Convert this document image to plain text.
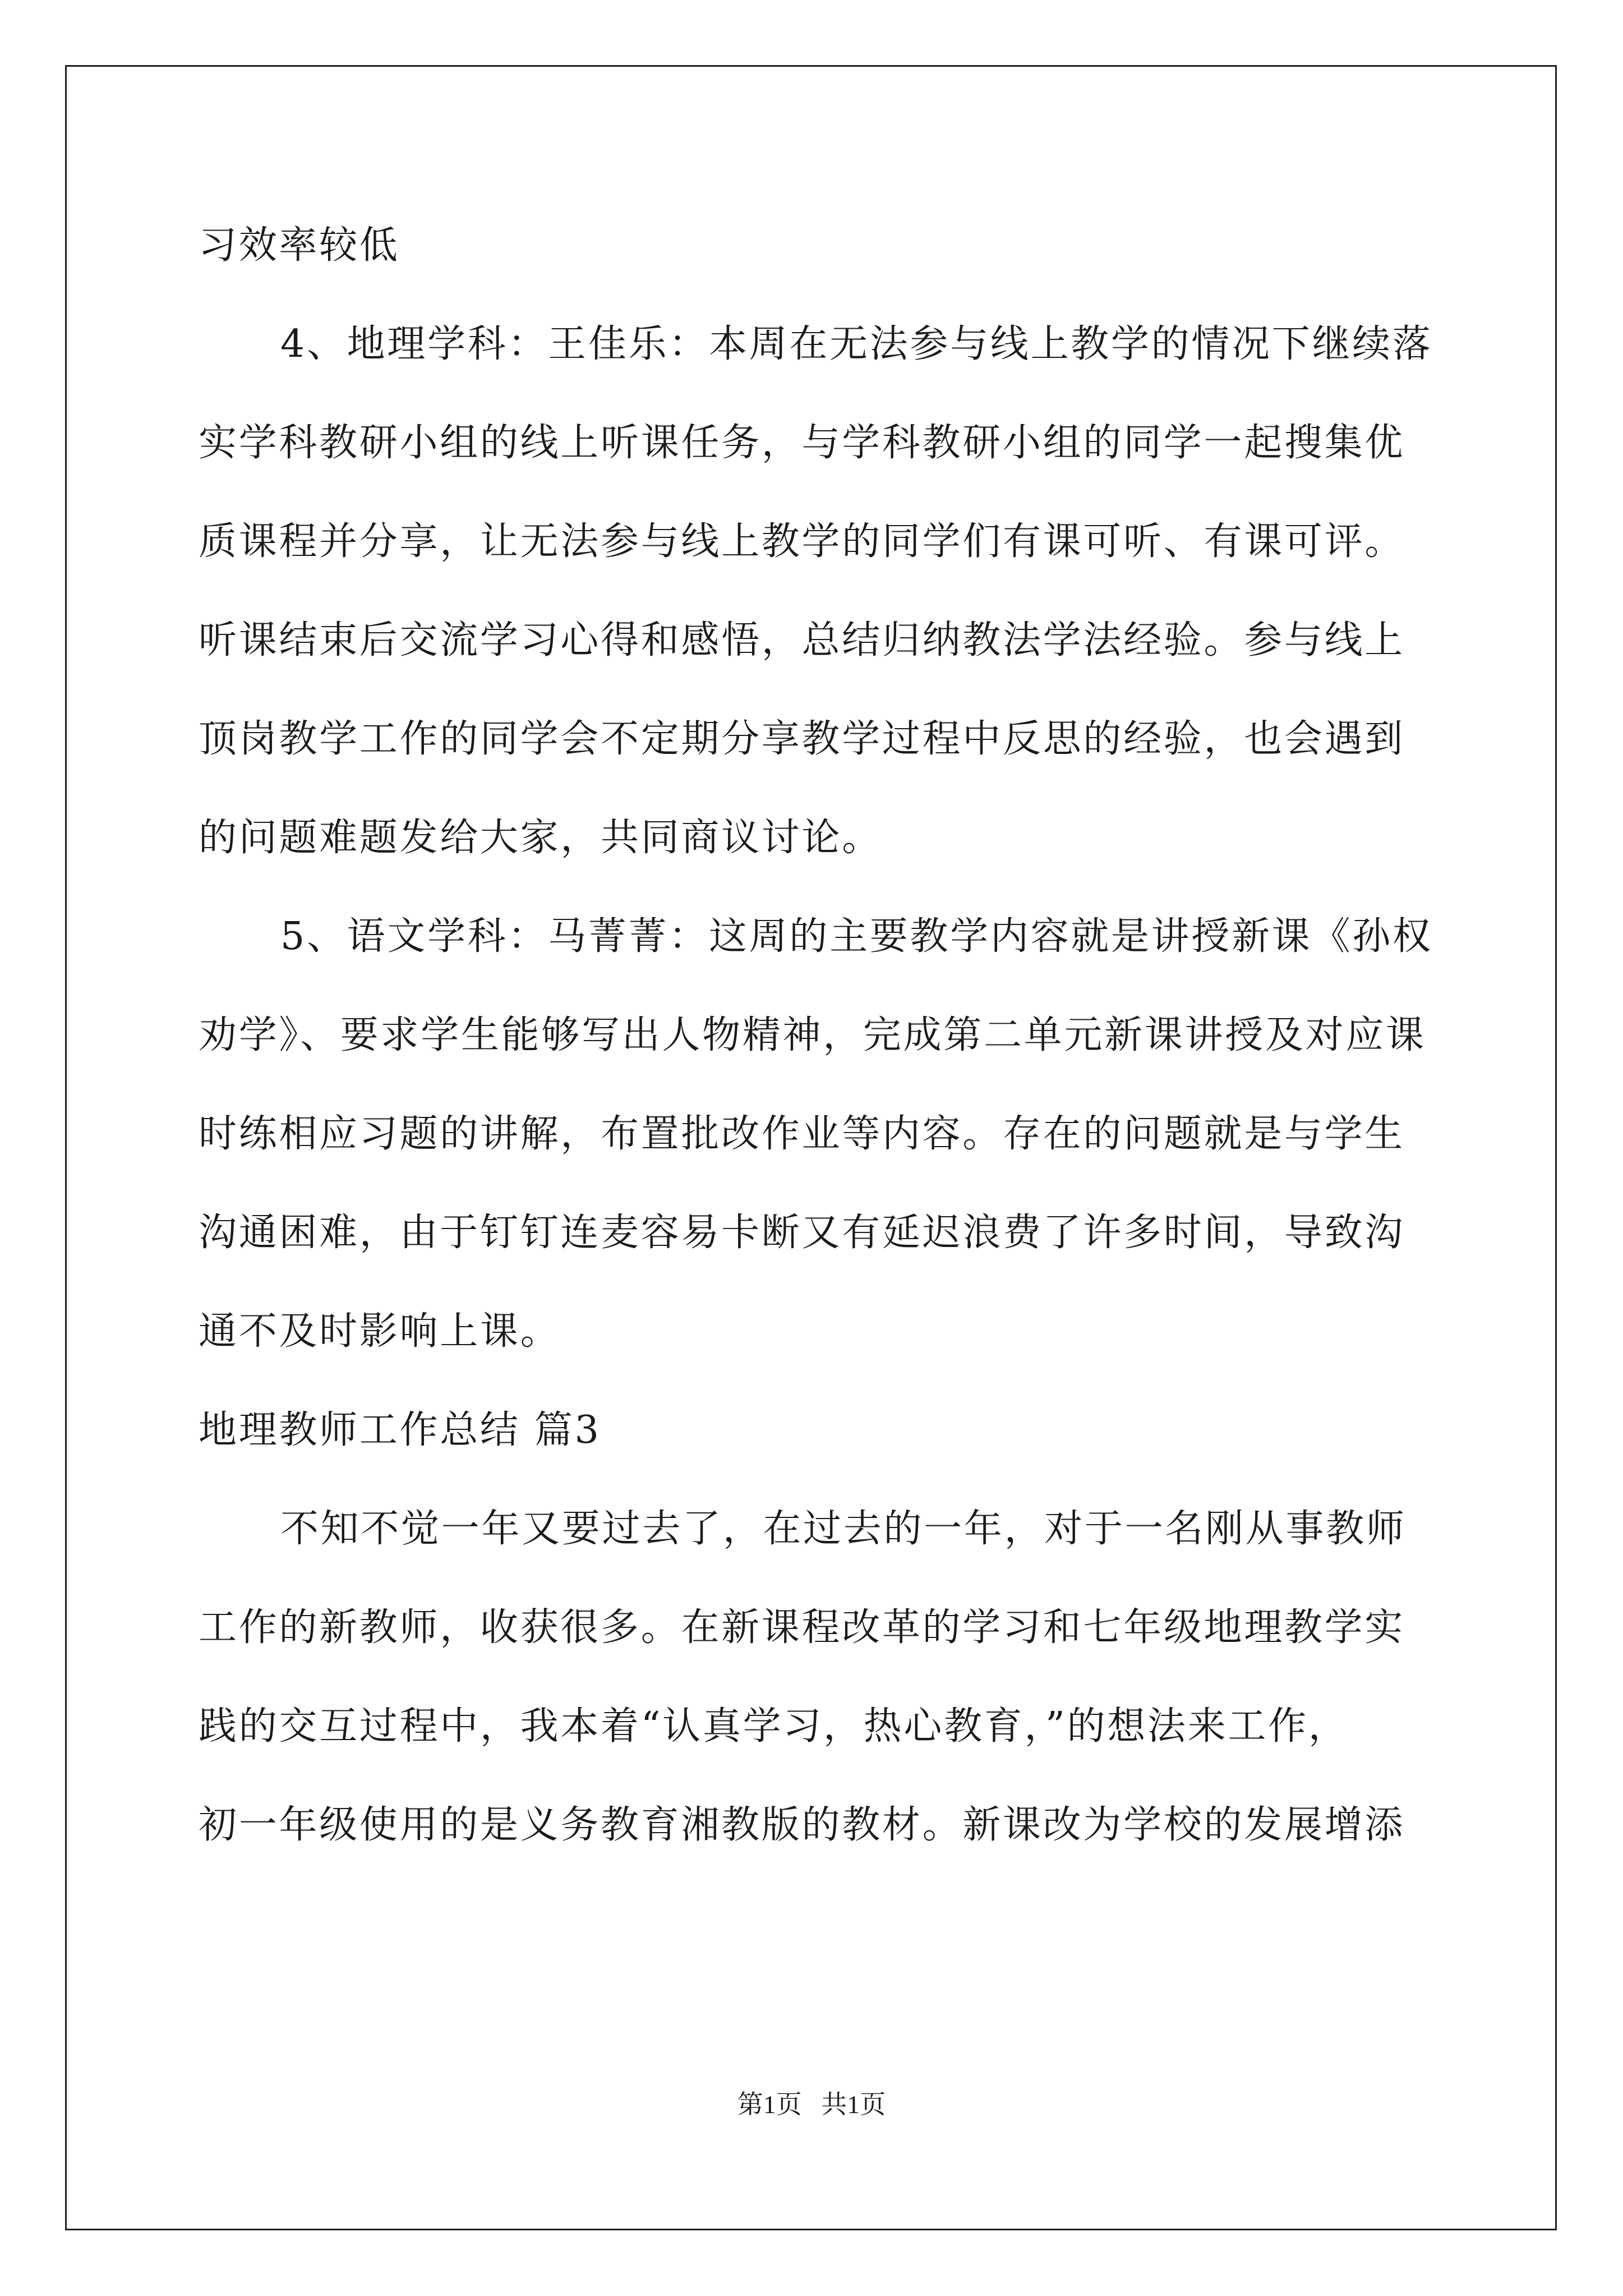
习效率较低
4、地理学科：王佳乐：本周在无法参与线上教学的情况下继续落
实学科教研小组的线上听课任务，与学科教研小组的同学一起搜集优
质课程并分享，让无法参与线上教学的同学们有课可听、有课可评。
听课结束后交流学习心得和感悟，总结归纳教法学法经验。参与线上
顶岗教学工作的同学会不定期分享教学过程中反思的经验，也会遇到
的问题难题发给大家，共同商议讨论。
5、语文学科：马菁菁：这周的主要教学内容就是讲授新课《孙权
劝学》、要求学生能够写出人物精神，完成第二单元新课讲授及对应课
时练相应习题的讲解，布置批改作业等内容。存在的问题就是与学生
沟通困难，由于钉钉连麦容易卡断又有延迟浪费了许多时间，导致沟
通不及时影响上课。
地理教师工作总结 篇3
不知不觉一年又要过去了，在过去的一年，对于一名刚从事教师
工作的新教师，收获很多。在新课程改革的学习和七年级地理教学实
践的交互过程中，我本着“认真学习，热心教育，”的想法来工作，
初一年级使用的是义务教育湘教版的教材。新课改为学校的发展增添
第1页   共1页
